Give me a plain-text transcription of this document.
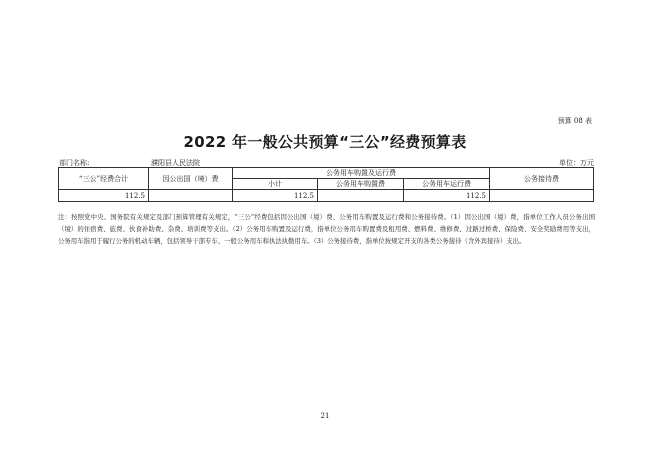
预算 08 表
2022 年一般公共预算“三公”经费预算表
部门名称:	濮阳县人民法院	单位：万元
“三公”经费合计	因公出国（境）费	公务用车购置及运行费			公务接待费
		小计	公务用车购置费	公务用车运行费	
112.5		112.5		112.5	
注：按照党中央、国务院有关规定及部门预算管理有关规定，“三公”经费包括因公出国（境）费、公务用车购置及运行费和公务接待费。（1）因公出国（境）费，指单位工作人员公务出国（境）的住宿费、旅费、伙食补助费、杂费、培训费等支出。（2）公务用车购置及运行费，指单位公务用车购置费及租用费、燃料费、维修费、过路过桥费、保险费、安全奖励费用等支出，公务用车指用于履行公务的机动车辆，包括领导干部专车、一般公务用车和执法执勤用车。（3）公务接待费，指单位按规定开支的各类公务接待（含外宾接待）支出。
21
